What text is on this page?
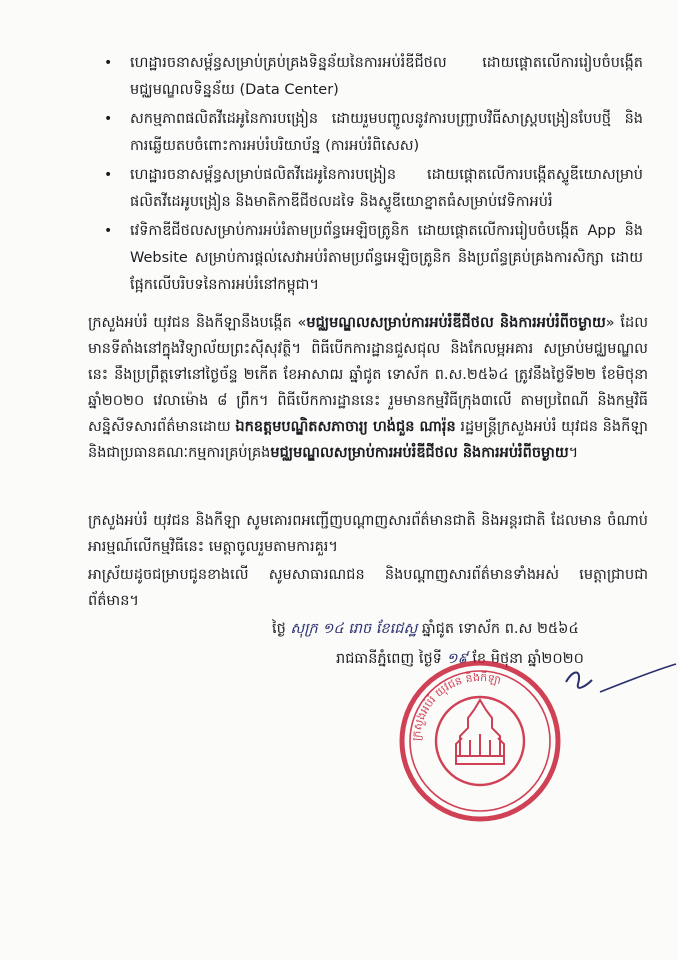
• ហេដ្ឋារចនាសម្ព័ន្ធសម្រាប់គ្រប់គ្រងទិន្នន័យនៃការអប់រំឌីជីថល ដោយផ្តោតលើការរៀបចំបង្កើត មជ្ឈមណ្ឌលទិន្នន័យ (Data Center)
• សកម្មភាពផលិតវីដេអូនៃការបង្រៀន ដោយរួមបញ្ចូលនូវការបញ្ជ្រាបវិធីសាស្ត្របង្រៀនបែបថ្មី និង ការឆ្លើយតបចំពោះការអប់រំបរិយាប័ន្ន (ការអប់រំពិសេស)
• ហេដ្ឋារចនាសម្ព័ន្ធសម្រាប់ផលិតវីដេអូនៃការបង្រៀន ដោយផ្តោតលើការបង្កើតស្ទូឌីយោសម្រាប់ ផលិតវីដេអូបង្រៀន និងមាតិកាឌីជីថលដទៃ និងស្ទូឌីយោខ្នាតធំសម្រាប់វេទិកាអប់រំ
• វេទិកាឌីជីថលសម្រាប់ការអប់រំតាមប្រព័ន្ធអេឡិចត្រូនិក ដោយផ្តោតលើការរៀបចំបង្កើត App និង Website សម្រាប់ការផ្តល់សេវាអប់រំតាមប្រព័ន្ធអេឡិចត្រូនិក និងប្រព័ន្ធគ្រប់គ្រងការសិក្សា ដោយ ផ្អែកលើបរិបទនៃការអប់រំនៅកម្ពុជា។
ក្រសួងអប់រំ យុវជន និងកីឡានឹងបង្កើត «មជ្ឈមណ្ឌលសម្រាប់ការអប់រំឌីជីថល និងការអប់រំពីចម្ងាយ» ដែលមានទីតាំងនៅក្នុងវិទ្យាល័យព្រះស៊ីសុវត្ថិ។ ពិធីបើកការដ្ឋានជួសជុល និងកែលម្អអគារ សម្រាប់មជ្ឈមណ្ឌលនេះ នឹងប្រព្រឹត្តទៅនៅថ្ងៃច័ន្ទ ២កើត ខែអាសាឍ ឆ្នាំជូត ទោស័ក ព.ស.២៥៦៤ ត្រូវនឹងថ្ងៃទី២២ ខែមិថុនា ឆ្នាំ២០២០ វេលាម៉ោង ៨ ព្រឹក។ ពិធីបើកការដ្ឋាននេះ រួមមានកម្មវិធីក្រុង៣លើ តាមប្រពៃណី និងកម្មវិធីសន្និសីទសារព័ត៌មានដោយ ឯកឧត្តមបណ្ឌិតសភាចារ្យ ហង់ជួន ណារ៉ុន រដ្ឋមន្ត្រីក្រសួងអប់រំ យុវជន និងកីឡា និងជាប្រធានគណៈកម្មការគ្រប់គ្រងមជ្ឈមណ្ឌលសម្រាប់ការអប់រំឌីជីថល និងការអប់រំពីចម្ងាយ។
ក្រសួងអប់រំ យុវជន និងកីឡា សូមគោរពអញ្ជើញបណ្តាញសារព័ត៌មានជាតិ និងអន្តរជាតិ ដែលមាន ចំណាប់អារម្មណ៍លើកម្មវិធីនេះ មេត្តាចូលរួមតាមការគួរ។
អាស្រ័យដូចជម្រាបជូនខាងលើ សូមសាធារណជន និងបណ្តាញសារព័ត៌មានទាំងអស់ មេត្តាជ្រាបជា ព័ត៌មាន។
ថ្ងៃ សុក្រ ១៤ រោច ខែជេស្ឋ ឆ្នាំជូត ទោស័ក ព.ស ២៥៦៤
រាជធានីភ្នំពេញ ថ្ងៃទី ១៩ ខែ មិថុនា ឆ្នាំ២០២០
ក្រសួងអប់រំ យុវជន និងកីឡា
